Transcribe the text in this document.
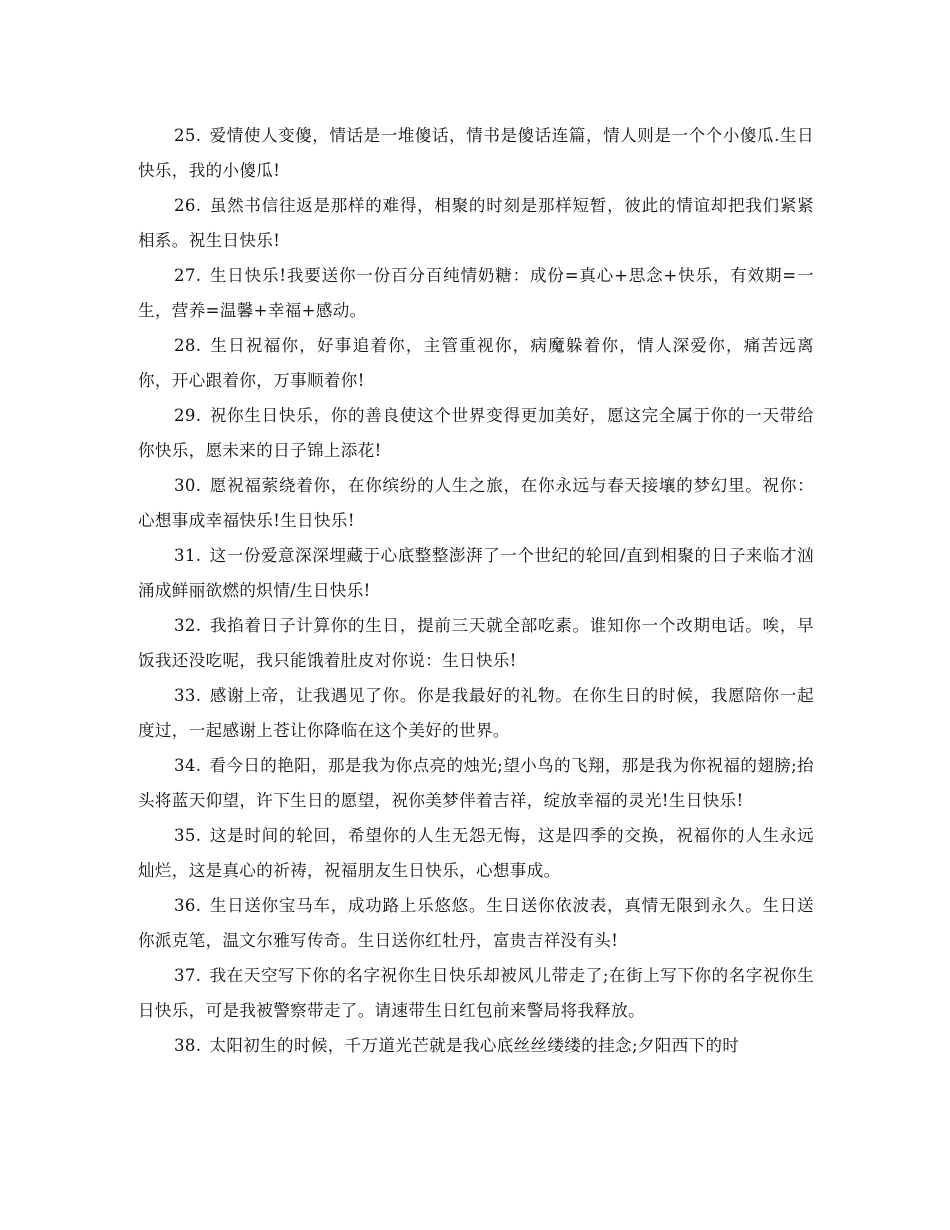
25. 爱情使人变傻，情话是一堆傻话，情书是傻话连篇，情人则是一个个小傻瓜.生日快乐，我的小傻瓜!

26. 虽然书信往返是那样的难得，相聚的时刻是那样短暂，彼此的情谊却把我们紧紧相系。祝生日快乐!

27. 生日快乐!我要送你一份百分百纯情奶糖：成份=真心+思念+快乐，有效期=一生，营养=温馨+幸福+感动。

28. 生日祝福你，好事追着你，主管重视你，病魔躲着你，情人深爱你，痛苦远离你，开心跟着你，万事顺着你!

29. 祝你生日快乐，你的善良使这个世界变得更加美好，愿这完全属于你的一天带给你快乐，愿未来的日子锦上添花!

30. 愿祝福萦绕着你，在你缤纷的人生之旅，在你永远与春天接壤的梦幻里。祝你：心想事成幸福快乐!生日快乐!

31. 这一份爱意深深埋藏于心底整整澎湃了一个世纪的轮回/直到相聚的日子来临才汹涌成鲜丽欲燃的炽情/生日快乐!

32. 我掐着日子计算你的生日，提前三天就全部吃素。谁知你一个改期电话。唉，早饭我还没吃呢，我只能饿着肚皮对你说：生日快乐!

33. 感谢上帝，让我遇见了你。你是我最好的礼物。在你生日的时候，我愿陪你一起度过，一起感谢上苍让你降临在这个美好的世界。

34. 看今日的艳阳，那是我为你点亮的烛光;望小鸟的飞翔，那是我为你祝福的翅膀;抬头将蓝天仰望，许下生日的愿望，祝你美梦伴着吉祥，绽放幸福的灵光!生日快乐!

35. 这是时间的轮回，希望你的人生无怨无悔，这是四季的交换，祝福你的人生永远灿烂，这是真心的祈祷，祝福朋友生日快乐，心想事成。

36. 生日送你宝马车，成功路上乐悠悠。生日送你依波表，真情无限到永久。生日送你派克笔，温文尔雅写传奇。生日送你红牡丹，富贵吉祥没有头!

37. 我在天空写下你的名字祝你生日快乐却被风儿带走了;在街上写下你的名字祝你生日快乐，可是我被警察带走了。请速带生日红包前来警局将我释放。

38. 太阳初生的时候，千万道光芒就是我心底丝丝缕缕的挂念;夕阳西下的时
